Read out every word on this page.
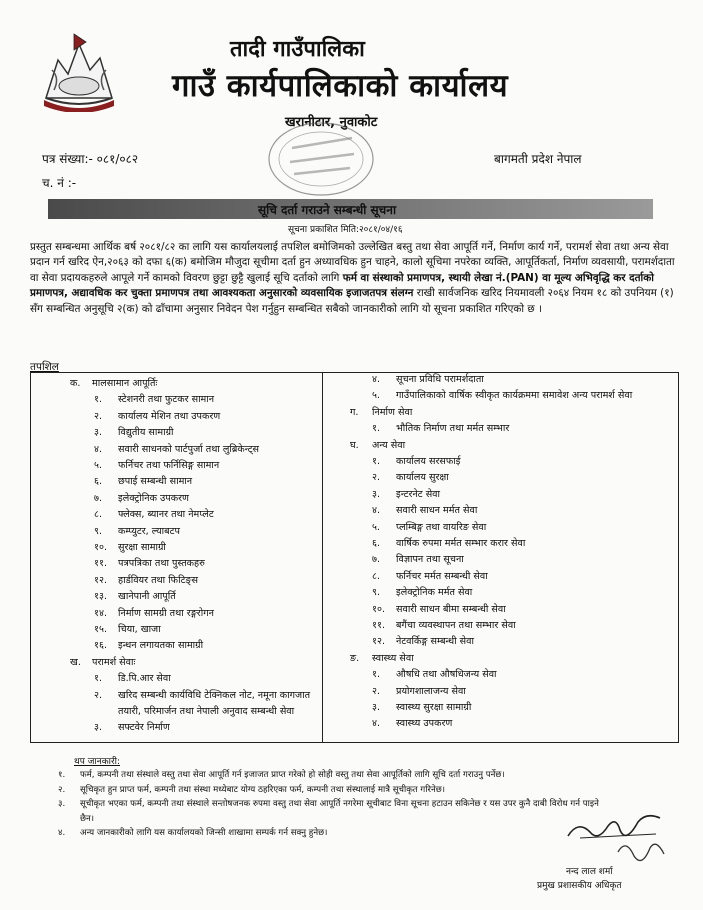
तादी गाउँपालिका
गाउँ कार्यपालिकाको कार्यालय
खरानीटार, नुवाकोट
पत्र संख्या:- ०८१/०८२
च. नं :-
बागमती प्रदेश नेपाल
सूचि दर्ता गराउने सम्बन्धी सूचना
सूचना प्रकाशित मिति:२०८१/०४/१६
प्रस्तुत सम्बन्धमा आर्थिक बर्ष २०८१/८२ का लागि यस कार्यालयलाई तपशिल बमोजिमको उल्लेखित बस्तु तथा सेवा आपूर्ति गर्ने, निर्माण कार्य गर्ने, परामर्श सेवा तथा अन्य सेवा प्रदान गर्न खरिद ऐन,२०६३ को दफा ६(क) बमोजिम मौजुदा सूचीमा दर्ता हुन अध्यावधिक हुन चाहने, कालो सूचिमा नपरेका व्यक्ति, आपूर्तिकर्ता, निर्माण व्यवसायी, परामर्शदाता वा सेवा प्रदायकहरुले आपूले गर्ने कामको विवरण छुट्टा छुट्टै खुलाई सूचि दर्ताको लागि फर्म वा संस्थाको प्रमाणपत्र, स्थायी लेखा नं.(PAN) वा मूल्य अभिवृद्धि कर दर्ताको प्रमाणपत्र, अद्यावधिक कर चुक्ता प्रमाणपत्र तथा आवश्यकता अनुसारको व्यवसायिक इजाजतपत्र संलग्न राखी सार्वजनिक खरिद नियमावली २०६४ नियम १८ को उपनियम (१) सँग सम्बन्धित अनुसूचि २(क) को ढाँचामा अनुसार निवेदन पेश गर्नुहुन सम्बन्धित सबैको जानकारीको लागि यो सूचना प्रकाशित गरिएको छ ।
तपशिल
क. मालसामान आपूर्तिः
१. स्टेशनरी तथा फुटकर सामान
२. कार्यालय मेशिन तथा उपकरण
३. विद्युतीय सामाग्री
४. सवारी साधनको पार्टपुर्जा तथा लुब्रिकेन्ट्स
५. फर्निचर तथा फर्निसिङ्ग सामान
६. छपाई सम्बन्धी सामान
७. इलेक्ट्रोनिक उपकरण
८. फ्लेक्स, ब्यानर तथा नेमप्लेट
९. कम्प्युटर, ल्याबटप
१०. सुरक्षा सामाग्री
११. पत्रपत्रिका तथा पुस्तकहरु
१२. हार्डवियर तथा फिटिङ्स
१३. खानेपानी आपूर्ति
१४. निर्माण सामग्री तथा रङ्गरोगन
१५. चिया, खाजा
१६. इन्धन लगायतका सामाग्री
ख. परामर्श सेवाः
१. डि.पि.आर सेवा
२. खरिद सम्बन्धी कार्यविधि टेक्निकल नोट, नमूना कागजात
तयारी, परिमार्जन तथा नेपाली अनुवाद सम्बन्धी सेवा
३. सफ्टवेर निर्माण
४. सूचना प्रविधि परामर्शदाता
५. गाउँपालिकाको वार्षिक स्वीकृत कार्यक्रममा समावेश अन्य परामर्श सेवा
ग. निर्माण सेवा
१. भौतिक निर्माण तथा मर्मत सम्भार
घ. अन्य सेवा
१. कार्यालय सरसफाई
२. कार्यालय सुरक्षा
३. इन्टरनेट सेवा
४. सवारी साधन मर्मत सेवा
५. प्लम्बिङ्ग तथा वायरिङ सेवा
६. वार्षिक रुपमा मर्मत सम्भार करार सेवा
७. विज्ञापन तथा सूचना
८. फर्निचर मर्मत सम्बन्धी सेवा
९. इलेक्ट्रोनिक मर्मत सेवा
१०. सवारी साधन बीमा सम्बन्धी सेवा
११. बगैंचा व्यवस्थापन तथा सम्भार सेवा
१२. नेटवर्किङ्ग सम्बन्धी सेवा
ङ. स्वास्थ्य सेवा
१. औषधि तथा औषधिजन्य सेवा
२. प्रयोगशालाजन्य सेवा
३. स्वास्थ्य सुरक्षा सामाग्री
४. स्वास्थ्य उपकरण
थप जानकारी:
१. फर्म, कम्पनी तथा संस्थाले वस्तु तथा सेवा आपूर्ति गर्न इजाजत प्राप्त गरेको हो सोही वस्तु तथा सेवा आपूर्तिको लागि सूचि दर्ता गराउनु पर्नेछ।
२. सूचिकृत हुन प्राप्त फर्म, कम्पनी तथा संस्था मध्येबाट योग्य ठहरिएका फर्म, कम्पनी तथा संस्थालाई मात्रै सूचीकृत गरिनेछ।
३. सूचीकृत भएका फर्म, कम्पनी तथा संस्थाले सन्तोषजनक रुपमा वस्तु तथा सेवा आपूर्ति नगरेमा सूचीबाट विना सूचना हटाउन सकिनेछ र यस उपर कुनै दाबी विरोध गर्न पाइने
छैन।
४. अन्य जानकारीको लागि यस कार्यालयको जिन्सी शाखामा सम्पर्क गर्न सक्नु हुनेछ।
नन्द लाल शर्मा
प्रमुख प्रशासकीय अधिकृत
